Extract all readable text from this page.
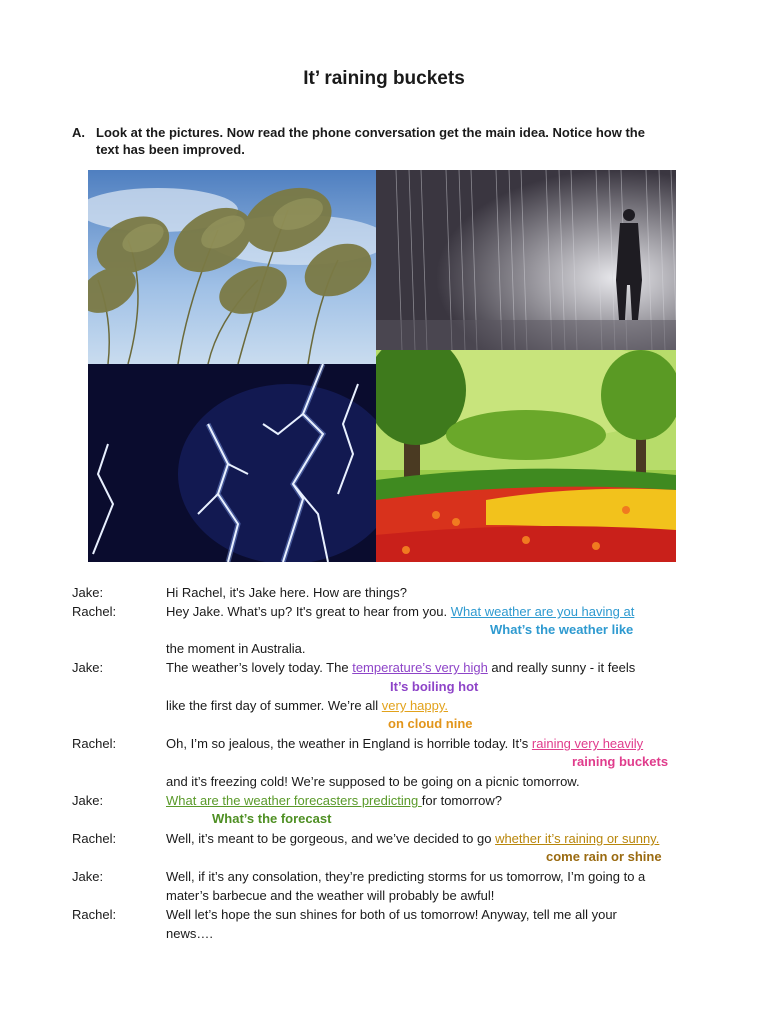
It’ raining buckets
A. Look at the pictures. Now read the phone conversation get the main idea. Notice how the
text has been improved.
Jake:	Hi Rachel, it's Jake here. How are things?
Rachel:	Hey Jake. What’s up? It's great to hear from you. What weather are you having at
What’s the weather like
the moment in Australia.
Jake:	The weather’s lovely today. The temperature’s very high and really sunny - it feels
It’s boiling hot
like the first day of summer. We’re all very happy.
on cloud nine
Rachel:	Oh, I’m so jealous, the weather in England is horrible today. It’s raining very heavily
raining buckets
and it’s freezing cold! We’re supposed to be going on a picnic tomorrow.
Jake:	What are the weather forecasters predicting for tomorrow?
What’s the forecast
Rachel:	Well, it’s meant to be gorgeous, and we’ve decided to go whether it’s raining or sunny.
come rain or shine
Jake:	Well, if it’s any consolation, they’re predicting storms for us tomorrow, I’m going to a
mater’s barbecue and the weather will probably be awful!
Rachel:	Well let’s hope the sun shines for both of us tomorrow! Anyway, tell me all your
news….
